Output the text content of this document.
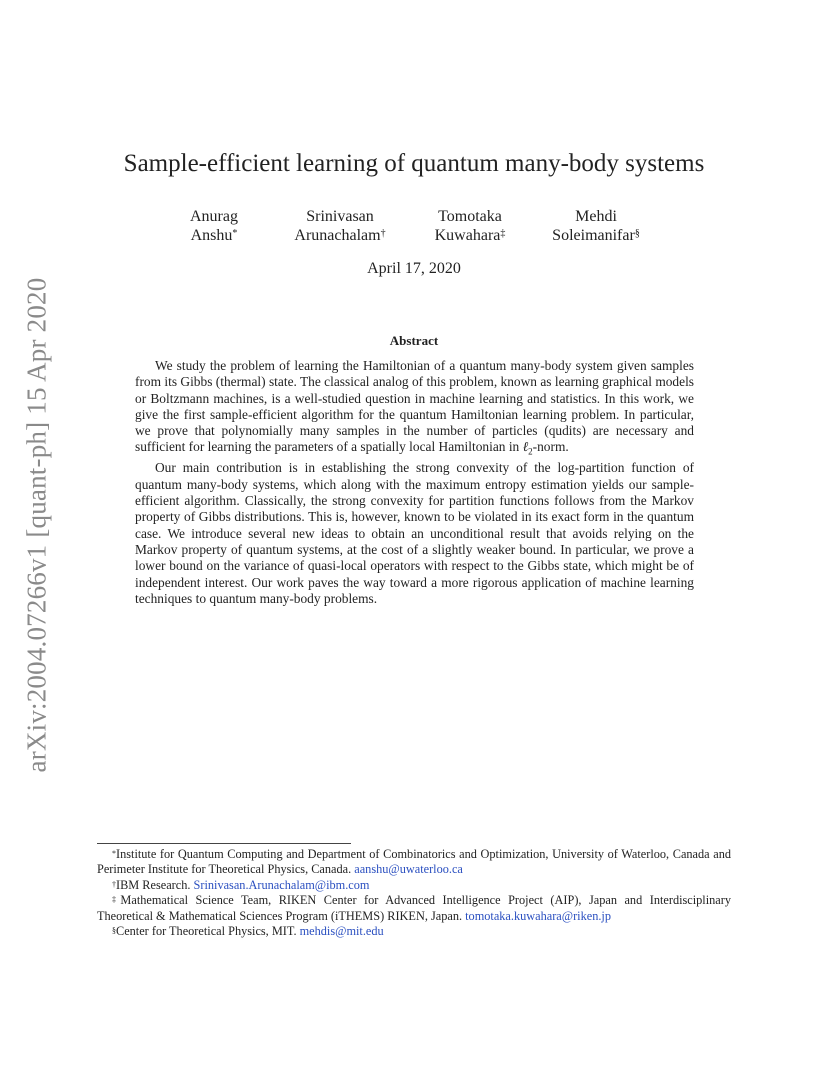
arXiv:2004.07266v1 [quant-ph] 15 Apr 2020
Sample-efficient learning of quantum many-body systems
Anurag
Anshu*
Srinivasan
Arunachalam†
Tomotaka
Kuwahara‡
Mehdi
Soleimanifar§
April 17, 2020
Abstract

We study the problem of learning the Hamiltonian of a quantum many-body system given samples from its Gibbs (thermal) state. The classical analog of this problem, known as learning graphical models or Boltzmann machines, is a well-studied question in machine learning and statistics. In this work, we give the first sample-efficient algorithm for the quantum Hamiltonian learning problem. In particular, we prove that polynomially many samples in the number of particles (qudits) are necessary and sufficient for learning the parameters of a spatially local Hamiltonian in ℓ$_2$-norm.

Our main contribution is in establishing the strong convexity of the log-partition function of quantum many-body systems, which along with the maximum entropy estimation yields our sample-efficient algorithm. Classically, the strong convexity for partition functions follows from the Markov property of Gibbs distributions. This is, however, known to be violated in its exact form in the quantum case. We introduce several new ideas to obtain an unconditional result that avoids relying on the Markov property of quantum systems, at the cost of a slightly weaker bound. In particular, we prove a lower bound on the variance of quasi-local operators with respect to the Gibbs state, which might be of independent interest. Our work paves the way toward a more rigorous application of machine learning techniques to quantum many-body problems.

*Institute for Quantum Computing and Department of Combinatorics and Optimization, University of Waterloo, Canada and Perimeter Institute for Theoretical Physics, Canada. aanshu@uwaterloo.ca

†IBM Research. Srinivasan.Arunachalam@ibm.com

‡Mathematical Science Team, RIKEN Center for Advanced Intelligence Project (AIP), Japan and Interdisciplinary Theoretical & Mathematical Sciences Program (iTHEMS) RIKEN, Japan. tomotaka.kuwahara@riken.jp

§Center for Theoretical Physics, MIT. mehdis@mit.edu
